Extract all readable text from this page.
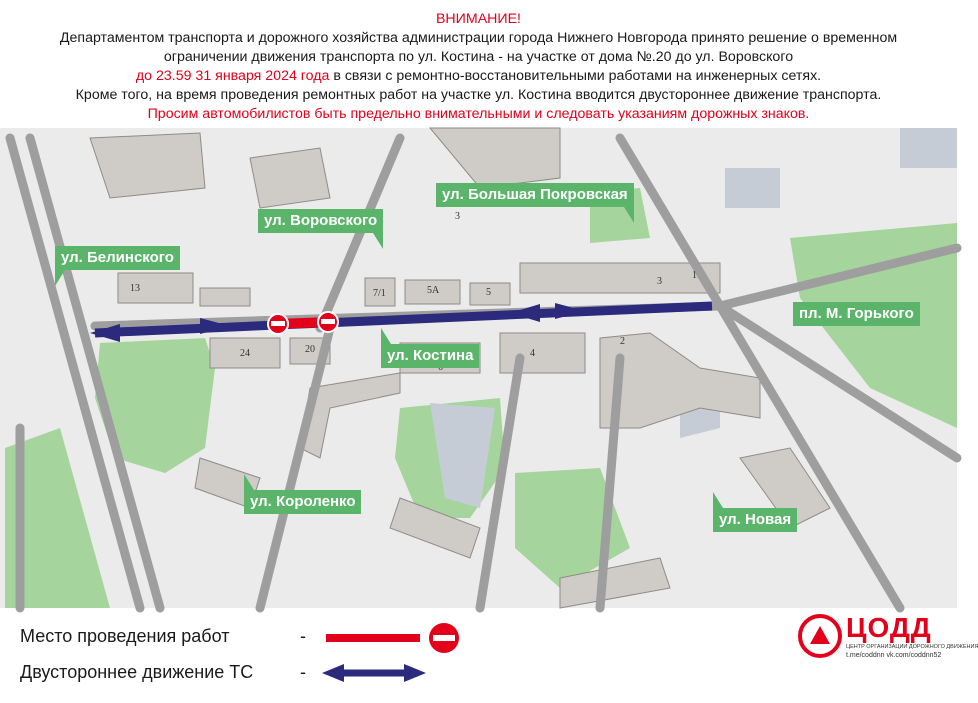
ВНИМАНИЕ!
Департаментом транспорта и дорожного хозяйства администрации города Нижнего Новгорода принято решение о временном
ограничении движения транспорта по ул. Костина - на участке от дома №.20 до ул. Воровского
до 23.59 31 января 2024 года в связи с ремонтно-восстановительными работами на инженерных сетях.
Кроме того, на время проведения ремонтных работ на участке ул. Костина вводится двустороннее движение транспорта.
Просим автомобилистов быть предельно внимательными и следовать указаниям дорожных знаков.
13
3
7/1	5А	5
3
1
24	20	4
2
ул. Белинского
ул. Воровского
ул. Большая Покровская
пл. М. Горького
ул. Костина
ул. Короленко
ул. Новая
Место проведения работ	-
Двустороннее движение ТС	-
ЦОДД
ЦЕНТР ОРГАНИЗАЦИИ ДОРОЖНОГО ДВИЖЕНИЯ
t.me/coddnn vk.com/coddnn52
